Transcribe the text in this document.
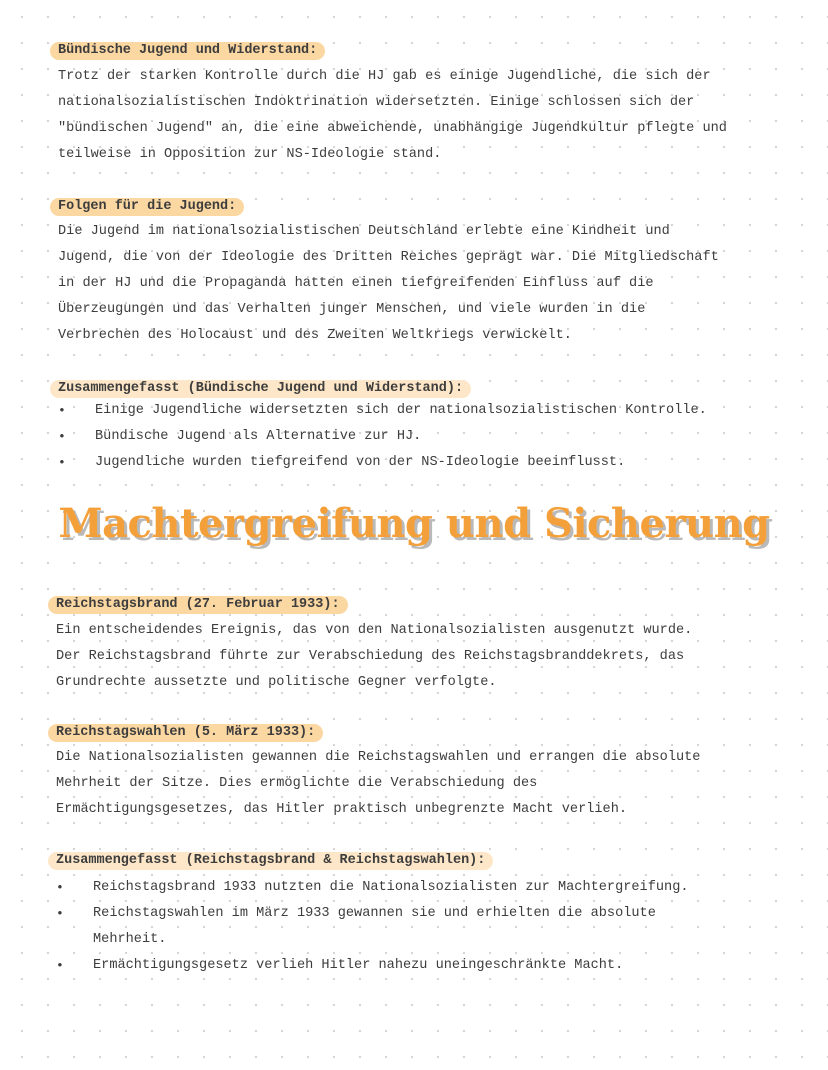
Bündische Jugend und Widerstand:
Trotz der starken Kontrolle durch die HJ gab es einige Jugendliche, die sich der
nationalsozialistischen Indoktrination widersetzten. Einige schlossen sich der
"bündischen Jugend" an, die eine abweichende, unabhängige Jugendkultur pflegte und
teilweise in Opposition zur NS-Ideologie stand.
Folgen für die Jugend:
Die Jugend im nationalsozialistischen Deutschland erlebte eine Kindheit und
Jugend, die von der Ideologie des Dritten Reiches geprägt war. Die Mitgliedschaft
in der HJ und die Propaganda hatten einen tiefgreifenden Einfluss auf die
Überzeugungen und das Verhalten junger Menschen, und viele wurden in die
Verbrechen des Holocaust und des Zweiten Weltkriegs verwickelt.
Zusammengefasst (Bündische Jugend und Widerstand):
• Einige Jugendliche widersetzten sich der nationalsozialistischen Kontrolle.
• Bündische Jugend als Alternative zur HJ.
• Jugendliche wurden tiefgreifend von der NS-Ideologie beeinflusst.
Machtergreifung und Sicherung
Reichstagsbrand (27. Februar 1933):
Ein entscheidendes Ereignis, das von den Nationalsozialisten ausgenutzt wurde.
Der Reichstagsbrand führte zur Verabschiedung des Reichstagsbranddekrets, das
Grundrechte aussetzte und politische Gegner verfolgte.
Reichstagswahlen (5. März 1933):
Die Nationalsozialisten gewannen die Reichstagswahlen und errangen die absolute
Mehrheit der Sitze. Dies ermöglichte die Verabschiedung des
Ermächtigungsgesetzes, das Hitler praktisch unbegrenzte Macht verlieh.
Zusammengefasst (Reichstagsbrand & Reichstagswahlen):
• Reichstagsbrand 1933 nutzten die Nationalsozialisten zur Machtergreifung.
• Reichstagswahlen im März 1933 gewannen sie und erhielten die absolute
Mehrheit.
• Ermächtigungsgesetz verlieh Hitler nahezu uneingeschränkte Macht.
